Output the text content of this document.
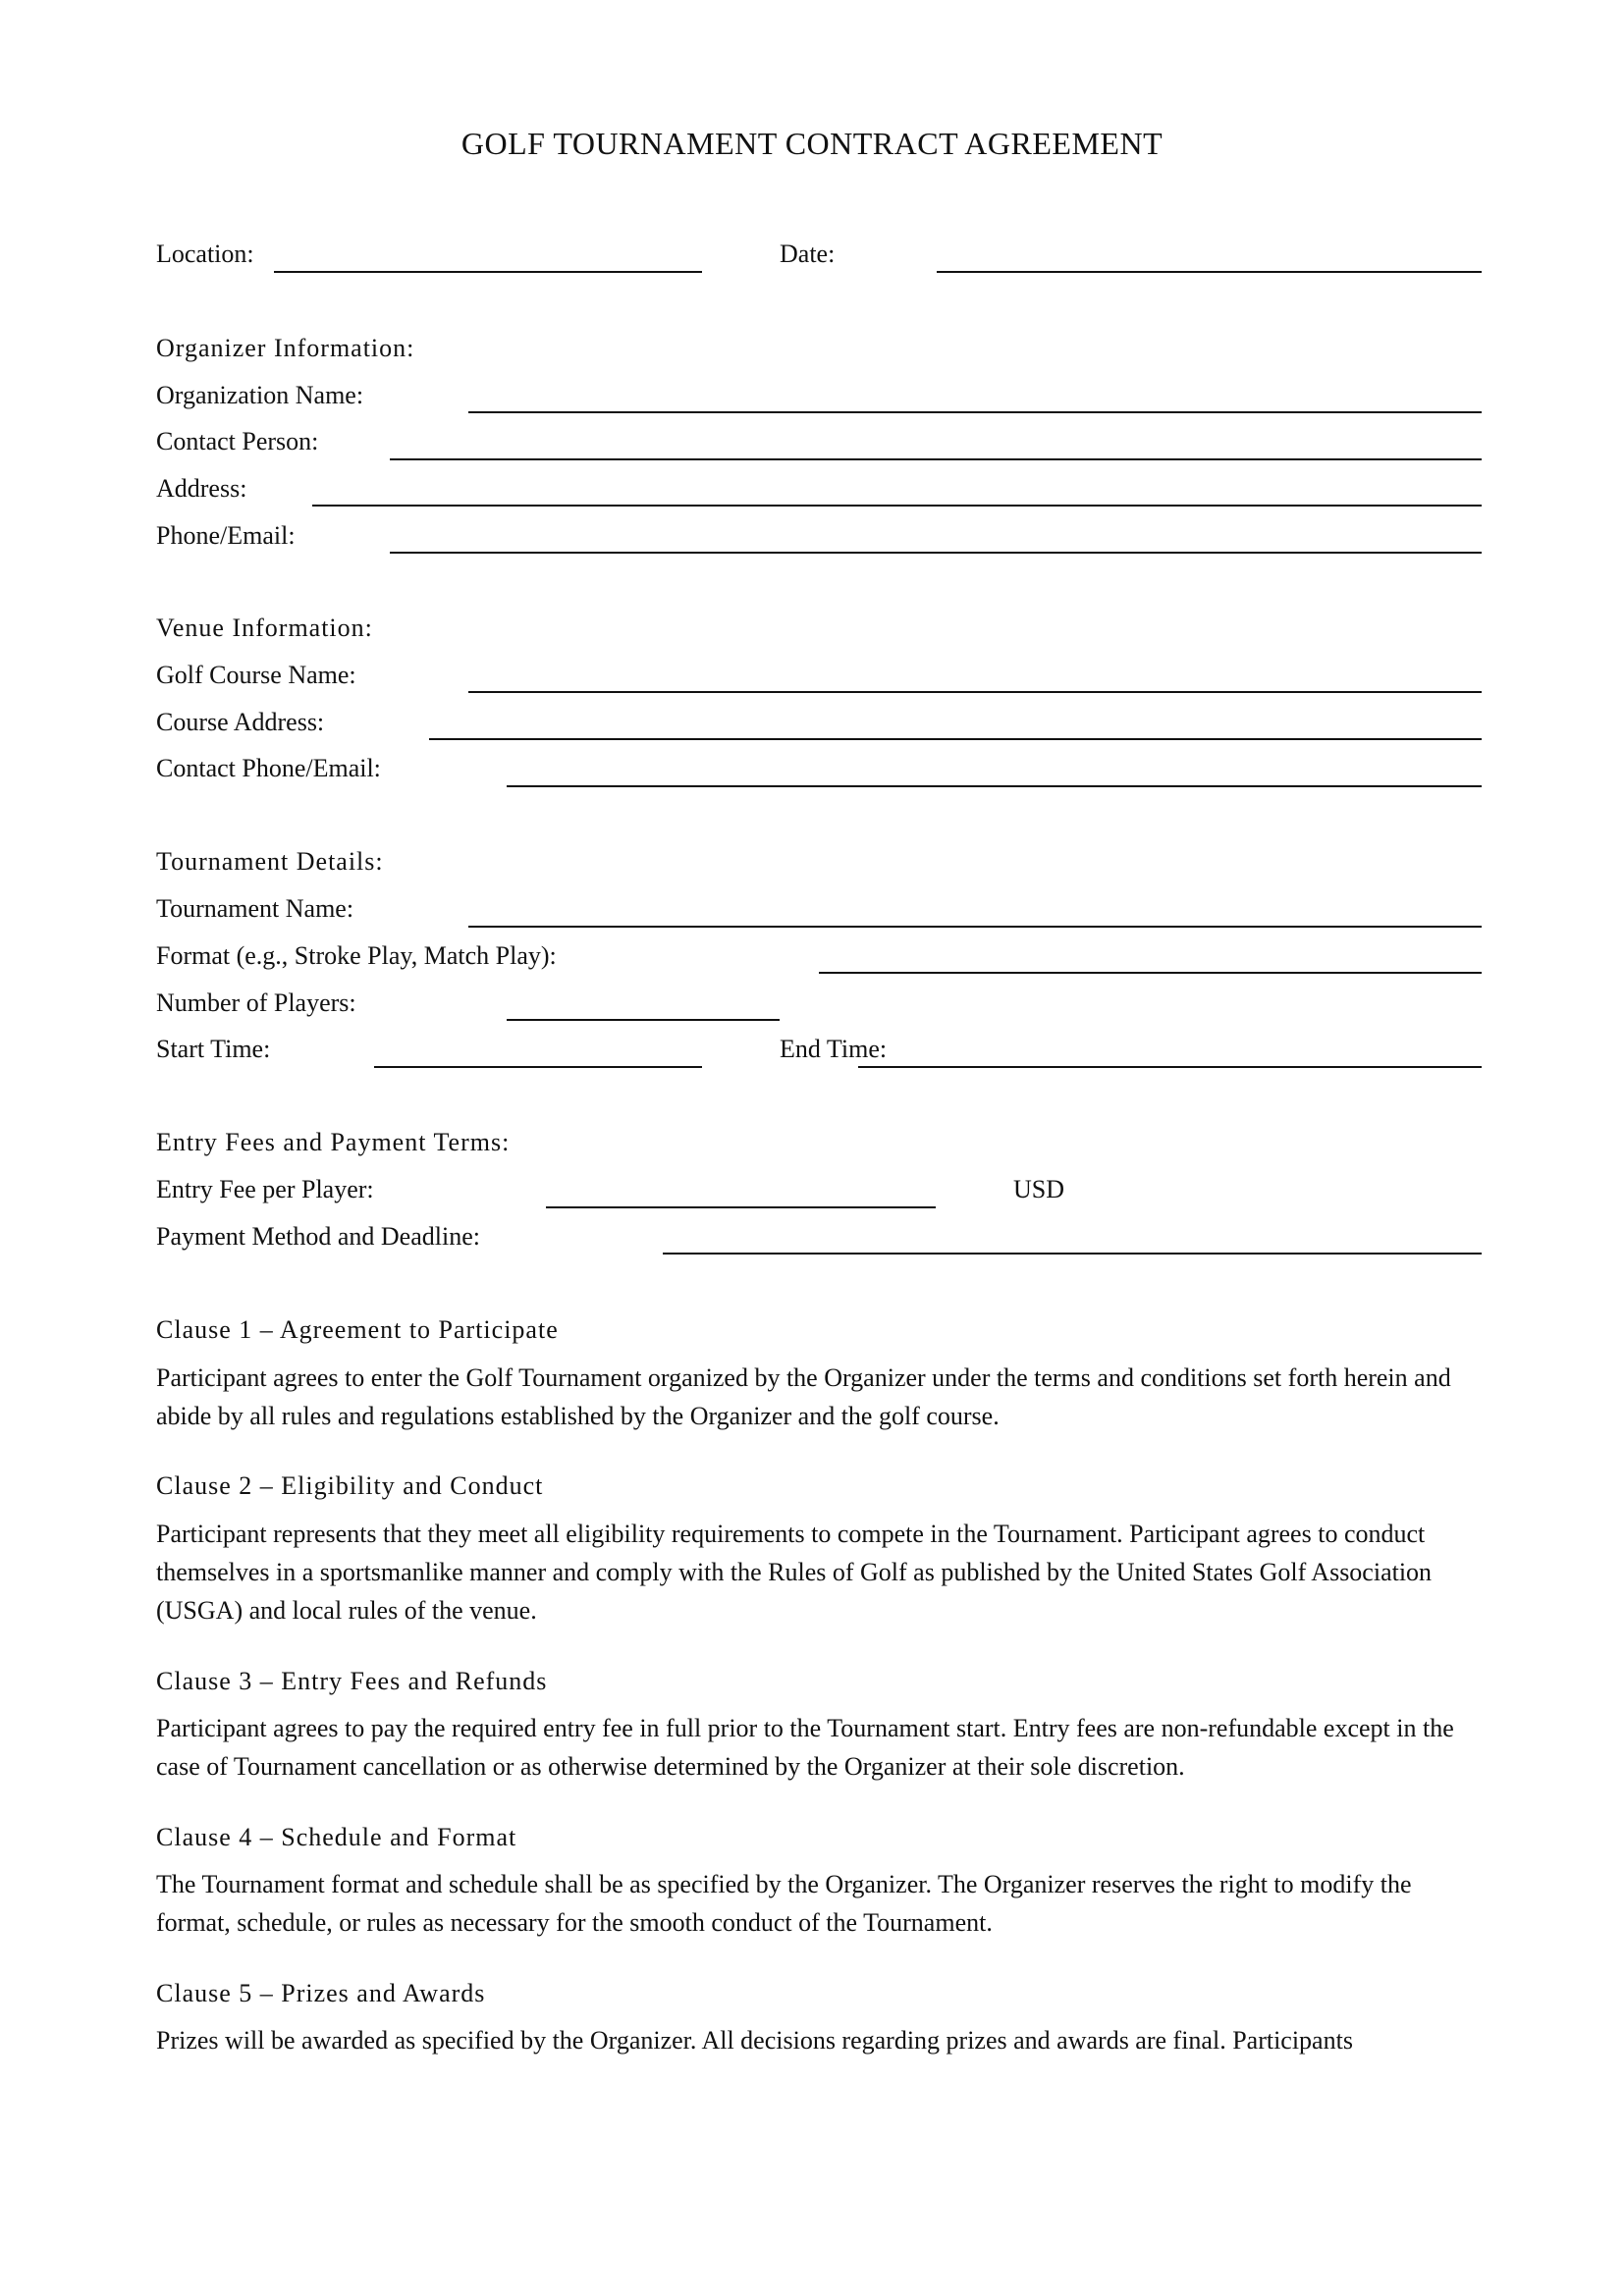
GOLF TOURNAMENT CONTRACT AGREEMENT
Location:	Date:
Organizer Information:
Organization Name:
Contact Person:
Address:
Phone/Email:
Venue Information:
Golf Course Name:
Course Address:
Contact Phone/Email:
Tournament Details:
Tournament Name:
Format (e.g., Stroke Play, Match Play):
Number of Players:
Start Time:	End Time:
Entry Fees and Payment Terms:
Entry Fee per Player:	USD
Payment Method and Deadline:
Clause 1 – Agreement to Participate
Participant agrees to enter the Golf Tournament organized by the Organizer under the terms and conditions set forth herein and abide by all rules and regulations established by the Organizer and the golf course.
Clause 2 – Eligibility and Conduct
Participant represents that they meet all eligibility requirements to compete in the Tournament. Participant agrees to conduct themselves in a sportsmanlike manner and comply with the Rules of Golf as published by the United States Golf Association (USGA) and local rules of the venue.
Clause 3 – Entry Fees and Refunds
Participant agrees to pay the required entry fee in full prior to the Tournament start. Entry fees are non-refundable except in the case of Tournament cancellation or as otherwise determined by the Organizer at their sole discretion.
Clause 4 – Schedule and Format
The Tournament format and schedule shall be as specified by the Organizer. The Organizer reserves the right to modify the format, schedule, or rules as necessary for the smooth conduct of the Tournament.
Clause 5 – Prizes and Awards
Prizes will be awarded as specified by the Organizer. All decisions regarding prizes and awards are final. Participants
